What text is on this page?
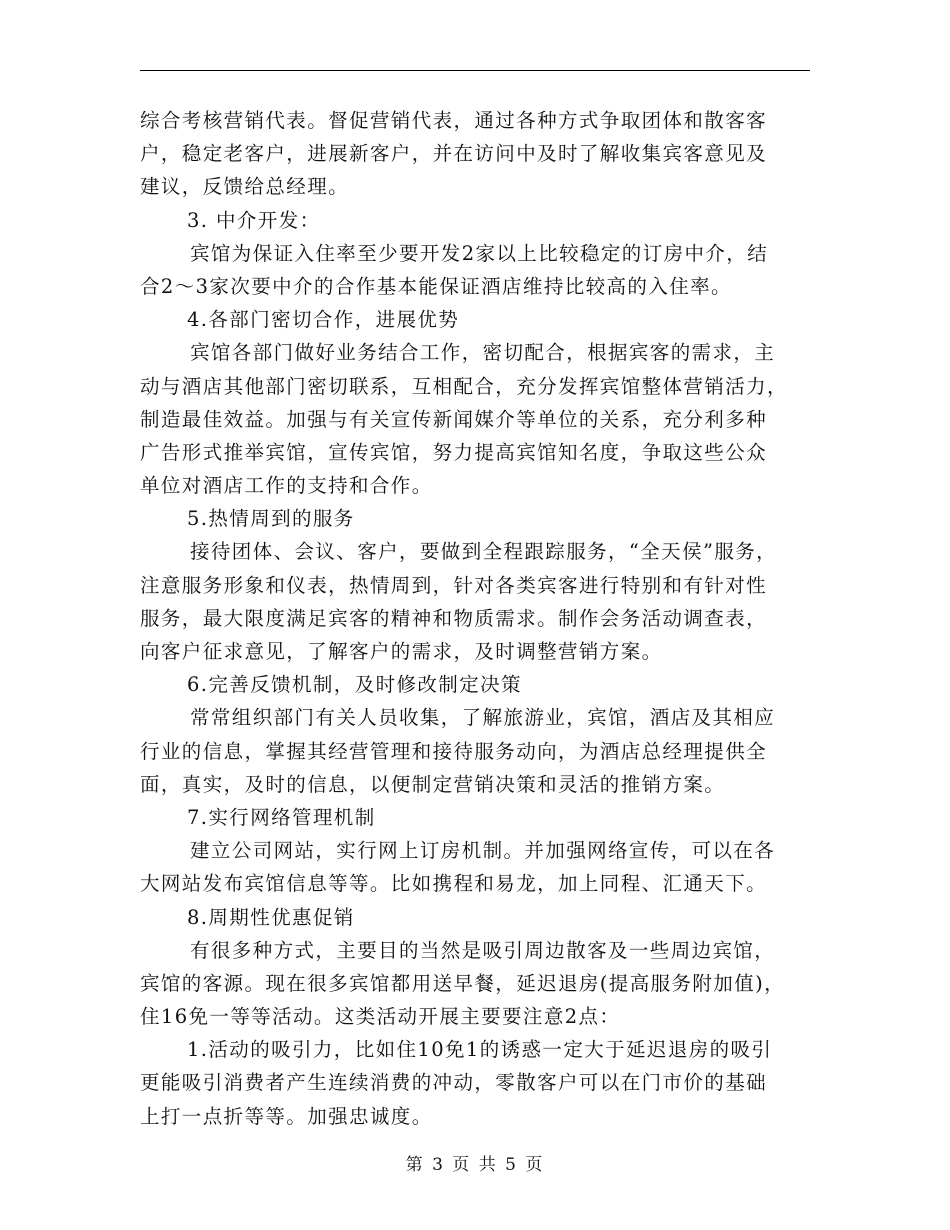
综合考核营销代表。督促营销代表，通过各种方式争取团体和散客客
户，稳定老客户，进展新客户，并在访问中及时了解收集宾客意见及
建议，反馈给总经理。
3. 中介开发：
宾馆为保证入住率至少要开发2家以上比较稳定的订房中介，结
合2～3家次要中介的合作基本能保证酒店维持比较高的入住率。
4.各部门密切合作，进展优势
宾馆各部门做好业务结合工作，密切配合，根据宾客的需求，主
动与酒店其他部门密切联系，互相配合，充分发挥宾馆整体营销活力，
制造最佳效益。加强与有关宣传新闻媒介等单位的关系，充分利多种
广告形式推举宾馆，宣传宾馆，努力提高宾馆知名度，争取这些公众
单位对酒店工作的支持和合作。
5.热情周到的服务
接待团体、会议、客户，要做到全程跟踪服务，“全天侯”服务，
注意服务形象和仪表，热情周到，针对各类宾客进行特别和有针对性
服务，最大限度满足宾客的精神和物质需求。制作会务活动调查表，
向客户征求意见，了解客户的需求，及时调整营销方案。
6.完善反馈机制，及时修改制定决策
常常组织部门有关人员收集，了解旅游业，宾馆，酒店及其相应
行业的信息，掌握其经营管理和接待服务动向，为酒店总经理提供全
面，真实，及时的信息，以便制定营销决策和灵活的推销方案。
7.实行网络管理机制
建立公司网站，实行网上订房机制。并加强网络宣传，可以在各
大网站发布宾馆信息等等。比如携程和易龙，加上同程、汇通天下。
8.周期性优惠促销
有很多种方式，主要目的当然是吸引周边散客及一些周边宾馆，
宾馆的客源。现在很多宾馆都用送早餐，延迟退房(提高服务附加值)，
住16免一等等活动。这类活动开展主要要注意2点：
1.活动的吸引力，比如住10免1的诱惑一定大于延迟退房的吸引
更能吸引消费者产生连续消费的冲动，零散客户可以在门市价的基础
上打一点折等等。加强忠诚度。
第 3 页 共 5 页
